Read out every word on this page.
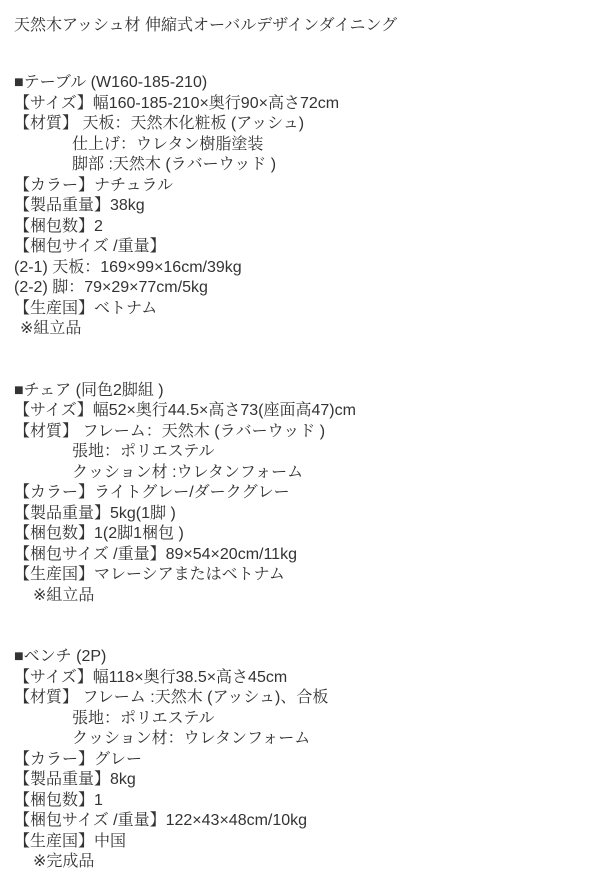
天然木アッシュ材 伸縮式オーバルデザインダイニング
■テーブル (W160-185-210)
【サイズ】幅160-185-210×奥行90×高さ72cm
【材質】 天板：天然木化粧板 (アッシュ)
仕上げ：ウレタン樹脂塗装
脚部 :天然木 (ラバーウッド )
【カラー】ナチュラル
【製品重量】38kg
【梱包数】2
【梱包サイズ /重量】
(2-1) 天板：169×99×16cm/39kg
(2-2) 脚：79×29×77cm/5kg
【生産国】ベトナム
※組立品
■チェア (同色2脚組 )
【サイズ】幅52×奥行44.5×高さ73(座面高47)cm
【材質】 フレーム：天然木 (ラバーウッド )
張地：ポリエステル
クッション材 :ウレタンフォーム
【カラー】ライトグレー/ダークグレー
【製品重量】5kg(1脚 )
【梱包数】1(2脚1梱包 )
【梱包サイズ /重量】89×54×20cm/11kg
【生産国】マレーシアまたはベトナム
※組立品
■ベンチ (2P)
【サイズ】幅118×奥行38.5×高さ45cm
【材質】 フレーム :天然木 (アッシュ)、合板
張地：ポリエステル
クッション材：ウレタンフォーム
【カラー】グレー
【製品重量】8kg
【梱包数】1
【梱包サイズ /重量】122×43×48cm/10kg
【生産国】中国
※完成品
